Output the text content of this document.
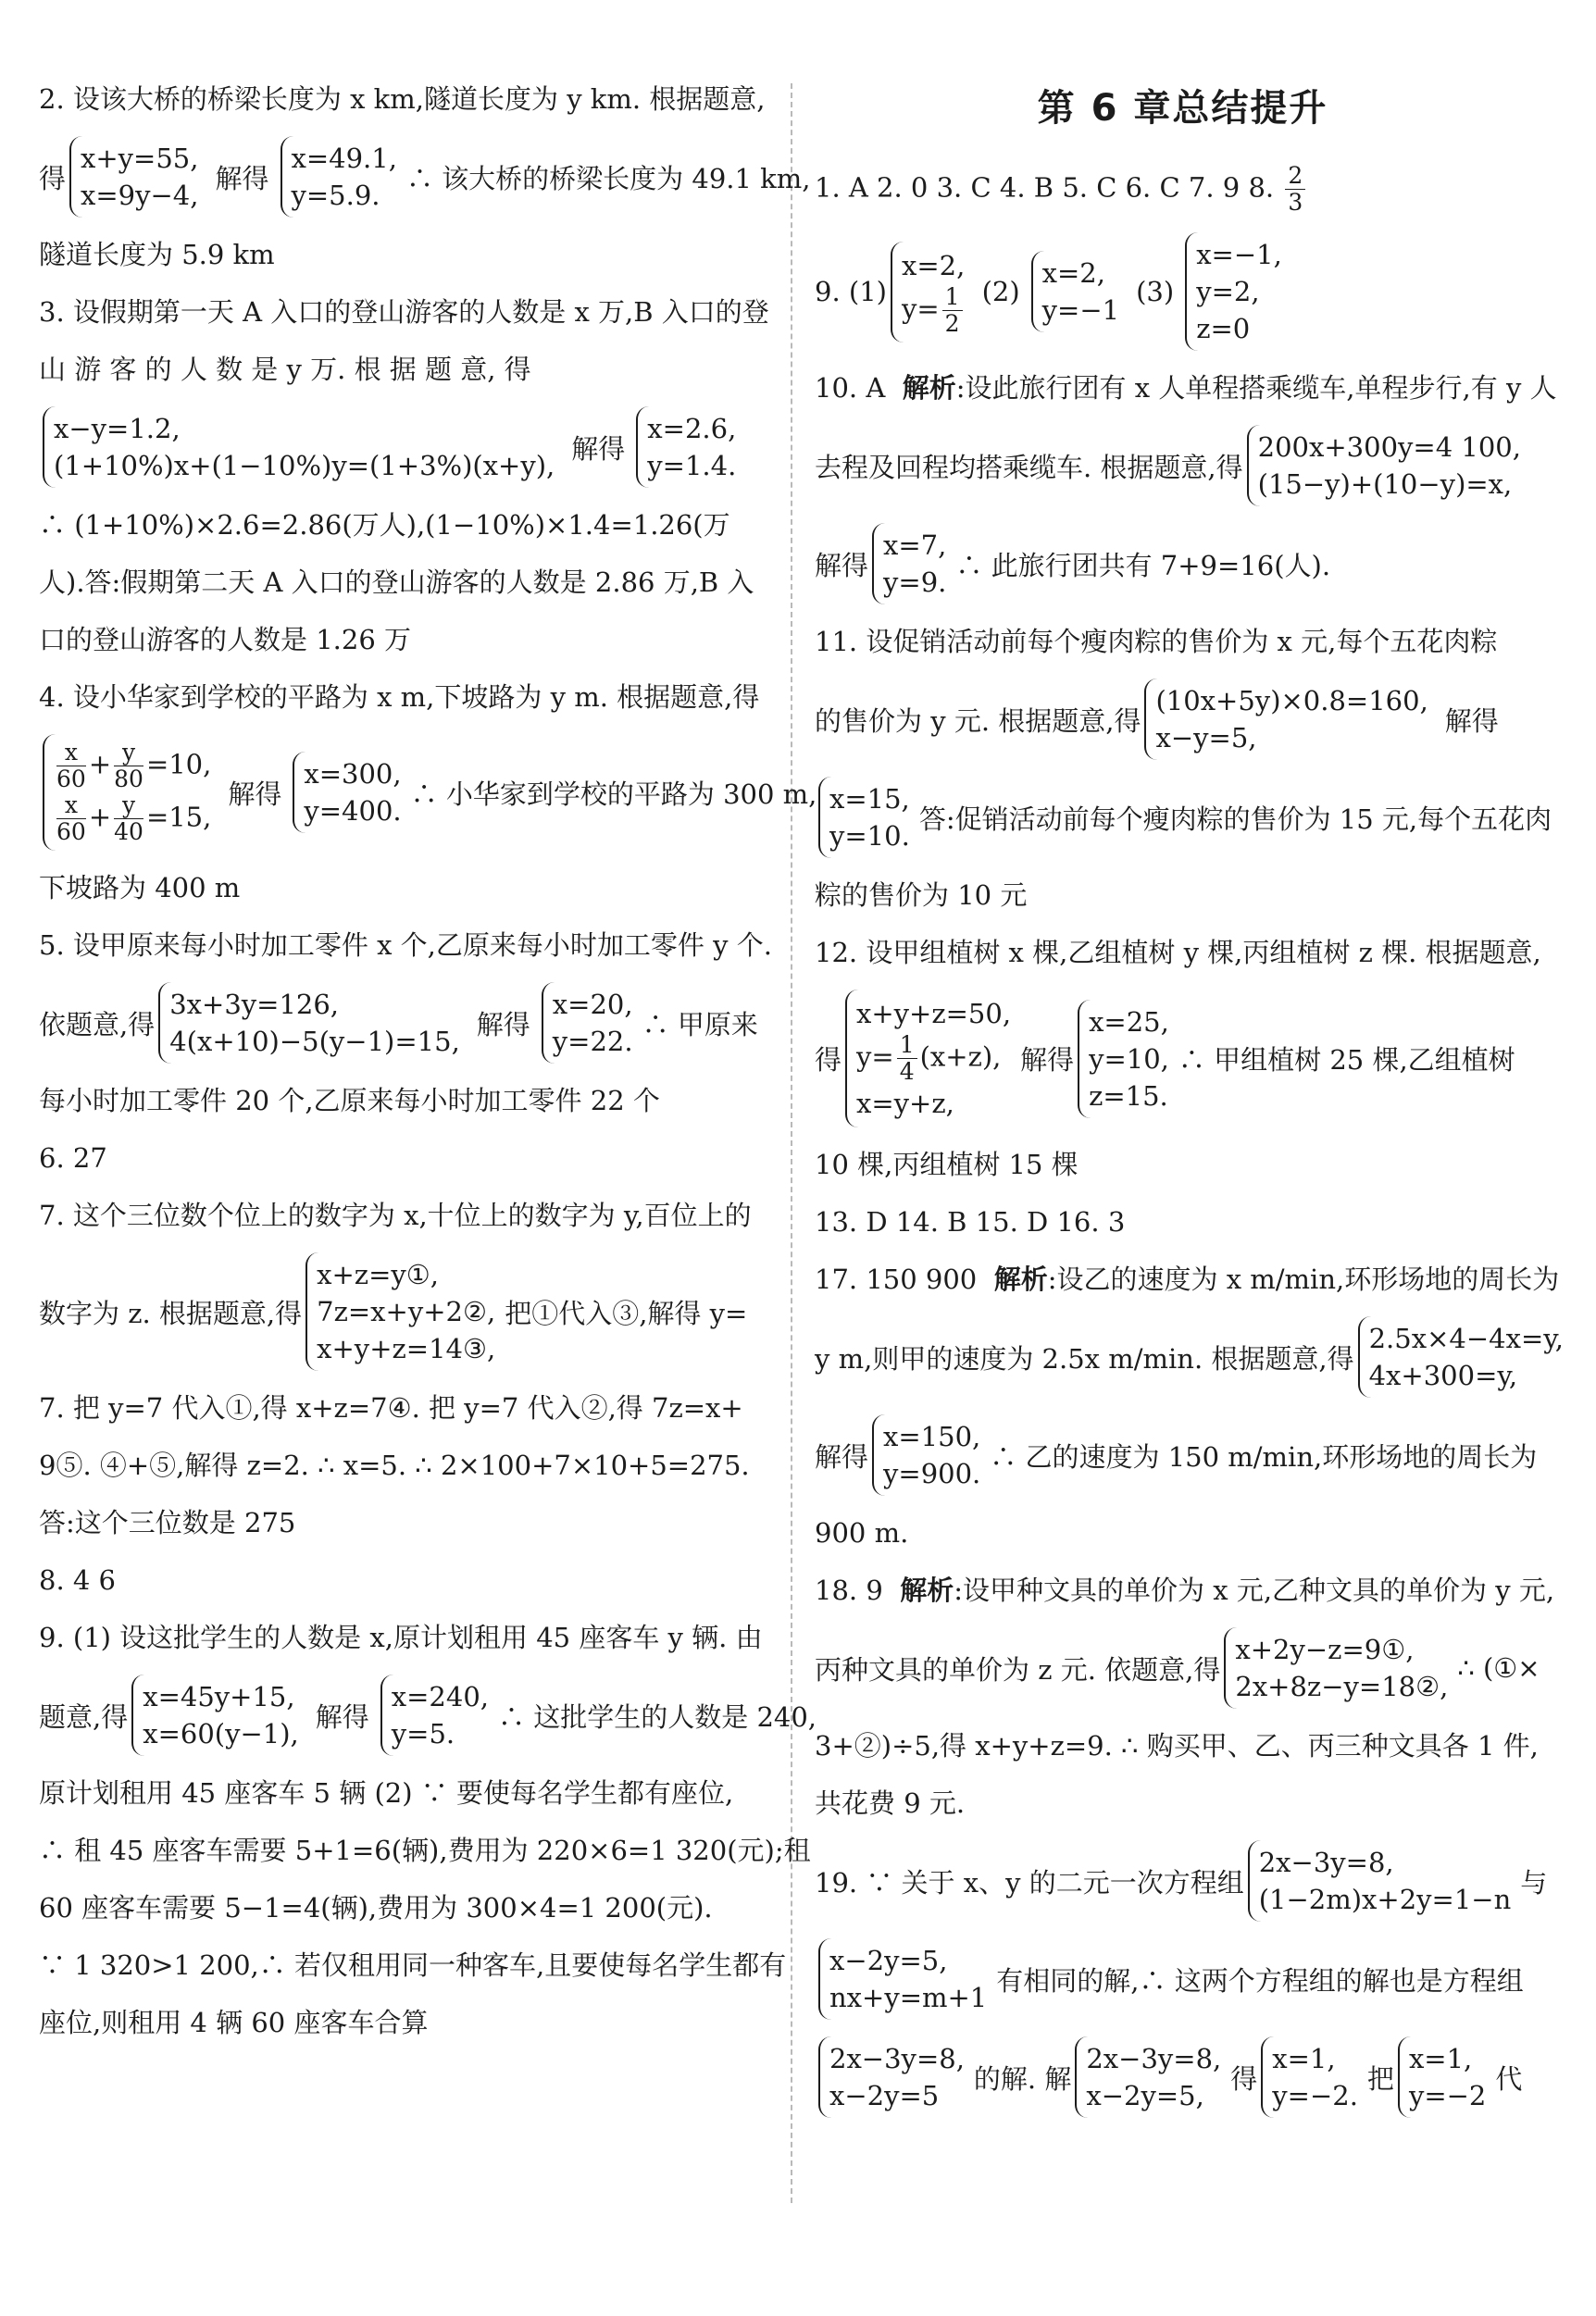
2. 设该大桥的桥梁长度为 x km,隧道长度为 y km. 根据题意,
得
x+y=55,
x=9y−4,
解得
x=49.1,
y=5.9.
∴ 该大桥的桥梁长度为 49.1 km,
隧道长度为 5.9 km
3. 设假期第一天 A 入口的登山游客的人数是 x 万,B 入口的登
山 游 客 的 人 数 是 y 万. 根 据 题 意, 得
x−y=1.2,
(1+10%)x+(1−10%)y=(1+3%)(x+y),
解得
x=2.6,
y=1.4.
∴ (1+10%)×2.6=2.86(万人),(1−10%)×1.4=1.26(万
人).答:假期第二天 A 入口的登山游客的人数是 2.86 万,B 入
口的登山游客的人数是 1.26 万
4. 设小华家到学校的平路为 x m,下坡路为 y m. 根据题意,得
$\frac{x}{60} + \frac{y}{80} =10$,
$\frac{x}{60} + \frac{y}{40} =15$,
解得
x=300,
y=400.
∴ 小华家到学校的平路为 300 m,
下坡路为 400 m
5. 设甲原来每小时加工零件 x 个,乙原来每小时加工零件 y 个.
依题意,得
3x+3y=126,
4(x+10)−5(y−1)=15,
解得
x=20,
y=22.
∴ 甲原来
每小时加工零件 20 个,乙原来每小时加工零件 22 个
6. 27
7. 这个三位数个位上的数字为 x,十位上的数字为 y,百位上的
数字为 z. 根据题意,得
x+z=y①,
7z=x+y+2②,
x+y+z=14③,
把①代入③,解得 y=
7. 把 y=7 代入①,得 x+z=7④. 把 y=7 代入②,得 7z=x+
9⑤. ④+⑤,解得 z=2. ∴ x=5. ∴ 2×100+7×10+5=275.
答:这个三位数是 275
8. 4 6
9. (1) 设这批学生的人数是 x,原计划租用 45 座客车 y 辆. 由
题意,得
x=45y+15,
x=60(y−1),
解得
x=240,
y=5.
∴ 这批学生的人数是 240,
原计划租用 45 座客车 5 辆 (2) ∵ 要使每名学生都有座位,
∴ 租 45 座客车需要 5+1=6(辆),费用为 220×6=1 320(元);租
60 座客车需要 5−1=4(辆),费用为 300×4=1 200(元).
∵ 1 320>1 200,∴ 若仅租用同一种客车,且要使每名学生都有
座位,则租用 4 辆 60 座客车合算
第 6 章总结提升
1. A 2. 0 3. C 4. B 5. C 6. C 7. 9 8. $\frac{2}{3}$
9. (1)
x=2,
$y= \frac{1}{2} (2)$
x=2,
y=−1
(3)
x=−1,
y=2,
z=0
10. A 解析:设此旅行团有 x 人单程搭乘缆车,单程步行,有 y 人
去程及回程均搭乘缆车. 根据题意,得
200x+300y=4 100,
(15−y)+(10−y)=x,
解得
x=7,
y=9.
∴ 此旅行团共有 7+9=16(人).
11. 设促销活动前每个瘦肉粽的售价为 x 元,每个五花肉粽
的售价为 y 元. 根据题意,得
(10x+5y)×0.8=160,
x−y=5,
解得
x=15,
y=10.
答:促销活动前每个瘦肉粽的售价为 15 元,每个五花肉
粽的售价为 10 元
12. 设甲组植树 x 棵,乙组植树 y 棵,丙组植树 z 棵. 根据题意,
得
x+y+z=50,
$y= \frac{1}{4} (x+z)$,
x=y+z,
解得
x=25,
y=10,
z=15.
∴ 甲组植树 25 棵,乙组植树
10 棵,丙组植树 15 棵
13. D 14. B 15. D 16. 3
17. 150 900 解析:设乙的速度为 x m/min,环形场地的周长为
y m,则甲的速度为 2.5x m/min. 根据题意,得
2.5x×4−4x=y,
4x+300=y,
解得
x=150,
y=900.
∴ 乙的速度为 150 m/min,环形场地的周长为
900 m.
18. 9 解析:设甲种文具的单价为 x 元,乙种文具的单价为 y 元,
丙种文具的单价为 z 元. 依题意,得
x+2y−z=9①,
2x+8z−y=18②,
∴ (①×
3+②)÷5,得 x+y+z=9. ∴ 购买甲、乙、丙三种文具各 1 件,
共花费 9 元.
19. ∵ 关于 x、y 的二元一次方程组
2x−3y=8,
(1−2m)x+2y=1−n
与
x−2y=5,
nx+y=m+1
有相同的解,∴ 这两个方程组的解也是方程组
2x−3y=8,
x−2y=5
的解. 解
2x−3y=8,
x−2y=5,
得
x=1,
y=−2.
把
x=1,
y=−2
代
